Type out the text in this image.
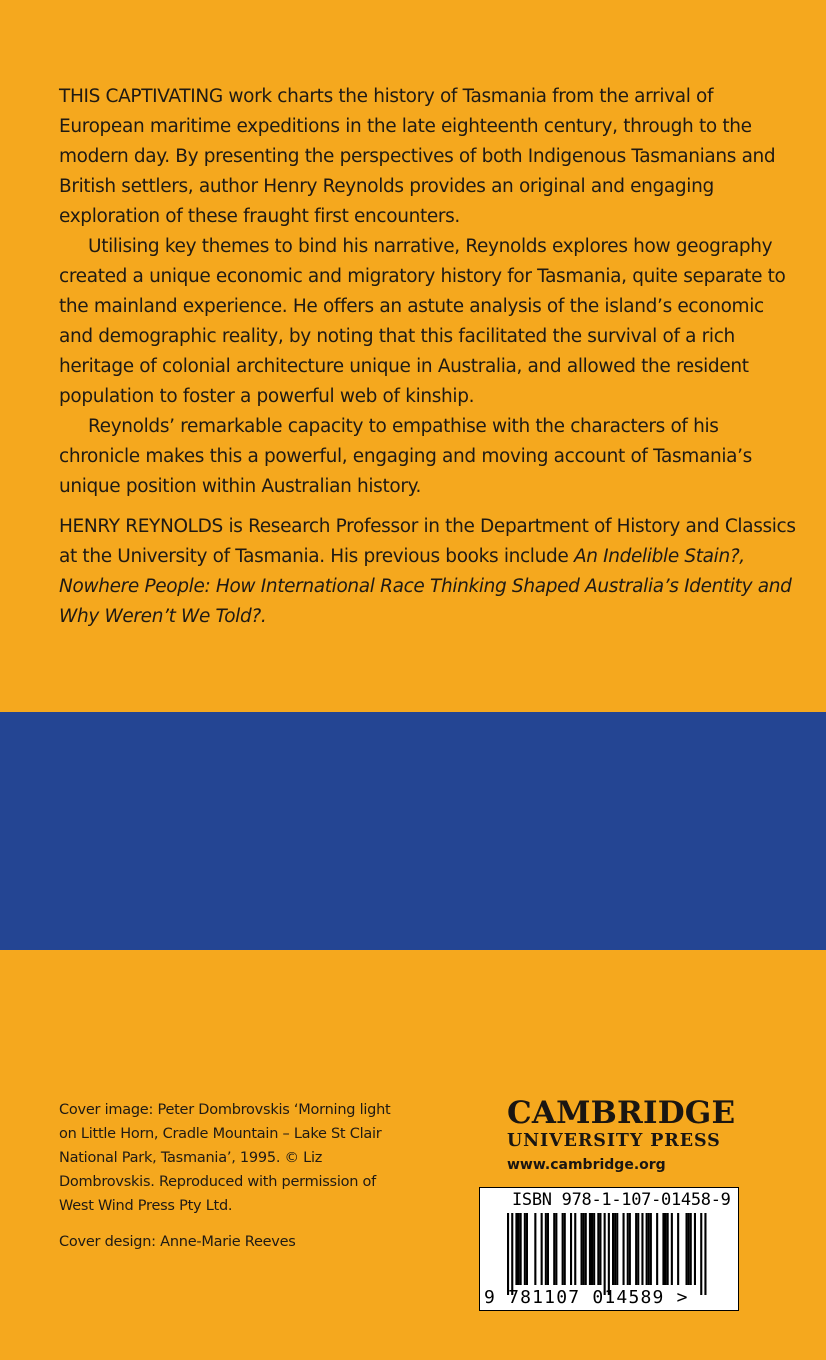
THIS CAPTIVATING work charts the history of Tasmania from the arrival of European maritime expeditions in the late eighteenth century, through to the modern day. By presenting the perspectives of both Indigenous Tasmanians and British settlers, author Henry Reynolds provides an original and engaging exploration of these fraught first encounters.

Utilising key themes to bind his narrative, Reynolds explores how geography created a unique economic and migratory history for Tasmania, quite separate to the mainland experience. He offers an astute analysis of the island’s economic and demographic reality, by noting that this facilitated the survival of a rich heritage of colonial architecture unique in Australia, and allowed the resident population to foster a powerful web of kinship.

Reynolds’ remarkable capacity to empathise with the characters of his chronicle makes this a powerful, engaging and moving account of Tasmania’s unique position within Australian history.

HENRY REYNOLDS is Research Professor in the Department of History and Classics at the University of Tasmania. His previous books include An Indelible Stain?, Nowhere People: How International Race Thinking Shaped Australia’s Identity and Why Weren’t We Told?.

Cover image: Peter Dombrovskis ‘Morning light on Little Horn, Cradle Mountain – Lake St Clair National Park, Tasmania’, 1995. © Liz Dombrovskis. Reproduced with permission of West Wind Press Pty Ltd.

Cover design: Anne-Marie Reeves

CAMBRIDGE
UNIVERSITY PRESS
www.cambridge.org
ISBN 978-1-107-01458-9
9 781107 014589 >
